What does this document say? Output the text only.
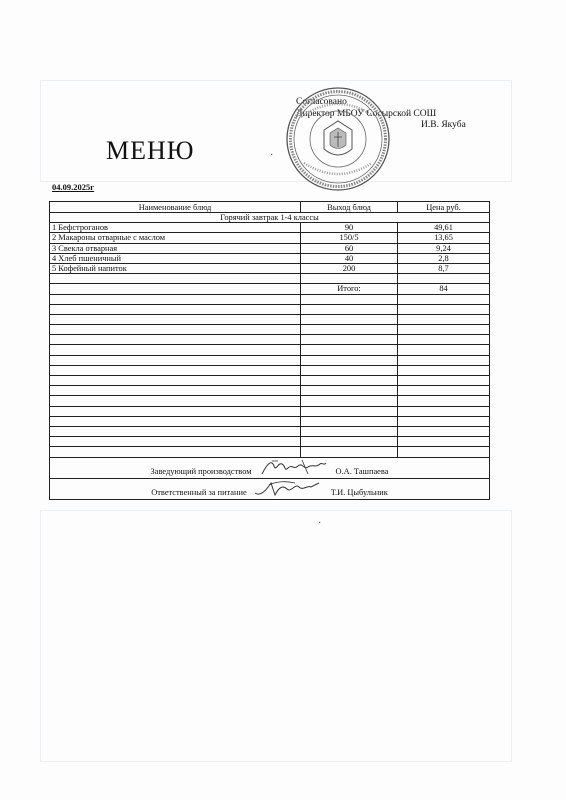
Согласовано
Директор МБОУ Сосырской СОШ
И.В. Якуба
МЕНЮ
04.09.2025г
Наименование блюд	Выход блюд	Цена руб.
Горячий завтрак 1-4 классы		
1 Бефстроганов	90	49,61
2 Макароны отварные с маслом	150/5	13,65
3 Свекла отварная	60	9,24
4 Хлеб пшеничный	40	2,8
5 Кофейный напиток	200	8,7

	Итого:	84

Заведующий производством О.А. Ташпаева		

Ответственный за питание Т.И. Цыбульник		
·
·
